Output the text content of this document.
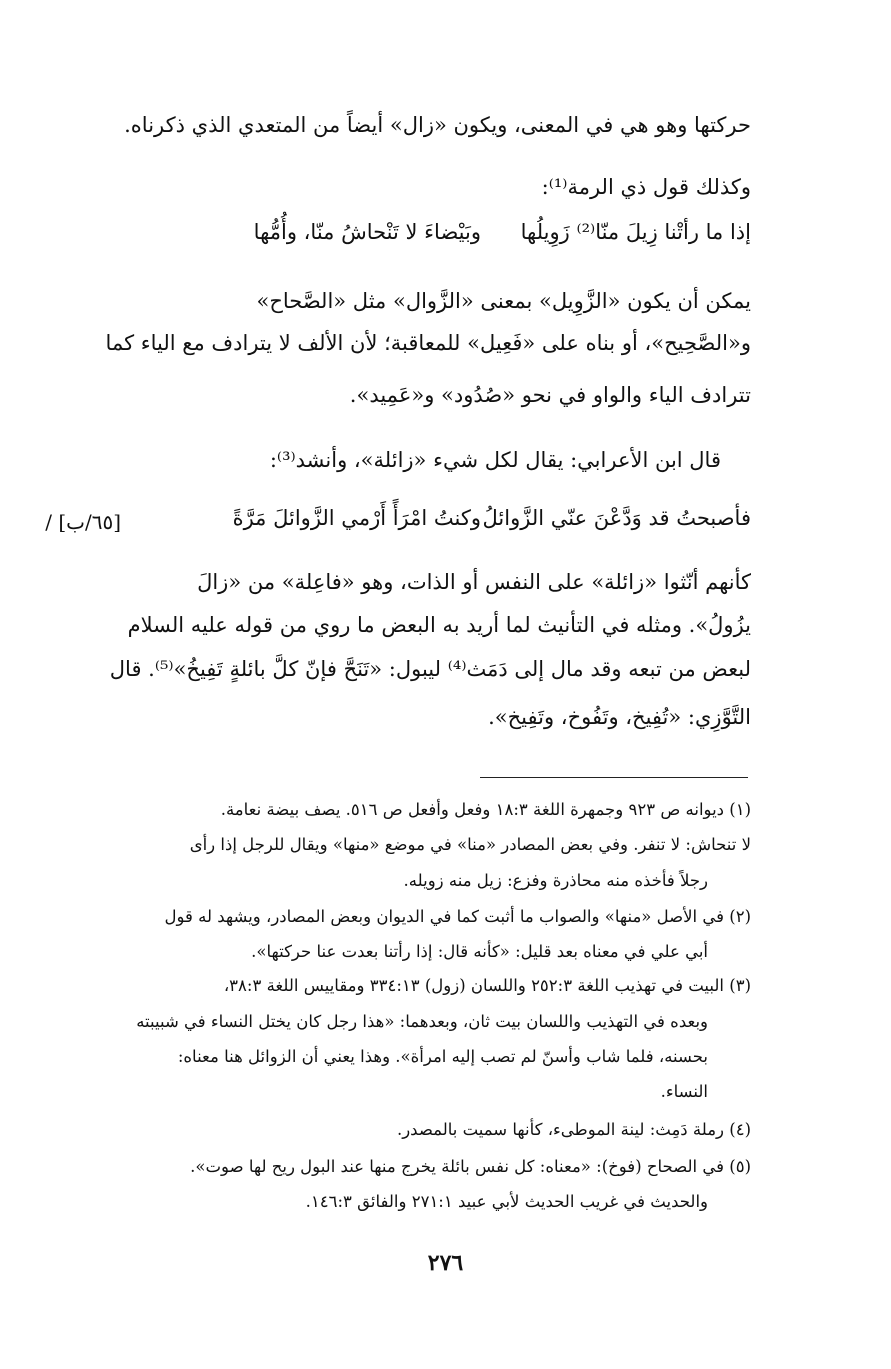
حركتها وهو هي في المعنى، ويكون «زال» أيضاً من المتعدي الذي ذكرناه.
وكذلك قول ذي الرمة⁽¹⁾:
وبَيْضاءَ لا تَنْحاشُ منّا، وأُمُّها إذا ما رأتْنا زِيلَ منّا⁽²⁾ زَوِيلُها
يمكن أن يكون «الزَّوِيل» بمعنى «الزَّوال» مثل «الصَّحاح»
و«الصَّحِيح»، أو بناه على «فَعِيل» للمعاقبة؛ لأن الألف لا يترادف مع الياء كما
تترادف الياء والواو في نحو «صُدُود» و«عَمِيد».
قال ابن الأعرابي: يقال لكل شيء «زائلة»، وأنشد⁽³⁾:
[٦٥/ب] /	وكنتُ امْرَأً أَرْمي الزَّوائلَ مَرَّةً فأصبحتُ قد وَدَّعْنَ عنّي الزَّوائلُ
كأنهم أنّثوا «زائلة» على النفس أو الذات، وهو «فاعِلة» من «زالَ
يزُولُ». ومثله في التأنيث لما أريد به البعض ما روي من قوله عليه السلام
لبعض من تبعه وقد مال إلى دَمَث⁽⁴⁾ ليبول: «تَنَحَّ فإنّ كلَّ بائلةٍ تَفِيخُ»⁽⁵⁾. قال
التَّوَّزِي: «تُفِيخ، وتَفُوخ، وتَفِيخ».
(١) ديوانه ص ٩٢٣ وجمهرة اللغة ١٨:٣ وفعل وأفعل ص ٥١٦. يصف بيضة نعامة.
لا تنحاش: لا تنفر. وفي بعض المصادر «منا» في موضع «منها» ويقال للرجل إذا رأى
رجلاً فأخذه منه محاذرة وفزع: زيل منه زويله.
(٢) في الأصل «منها» والصواب ما أثبت كما في الديوان وبعض المصادر، ويشهد له قول
أبي علي في معناه بعد قليل: «كأنه قال: إذا رأتنا بعدت عنا حركتها».
(٣) البيت في تهذيب اللغة ٢٥٢:٣ واللسان (زول) ٣٣٤:١٣ ومقاييس اللغة ٣٨:٣،
وبعده في التهذيب واللسان بيت ثان، وبعدهما: «هذا رجل كان يختل النساء في شبيبته
بحسنه، فلما شاب وأسنّ لم تصب إليه امرأة». وهذا يعني أن الزوائل هنا معناه:
النساء.
(٤) رملة دَمِث: لينة الموطىء، كأنها سميت بالمصدر.
(٥) في الصحاح (فوخ): «معناه: كل نفس بائلة يخرج منها عند البول ريح لها صوت».
والحديث في غريب الحديث لأبي عبيد ٢٧١:١ والفائق ١٤٦:٣.
٢٧٦
